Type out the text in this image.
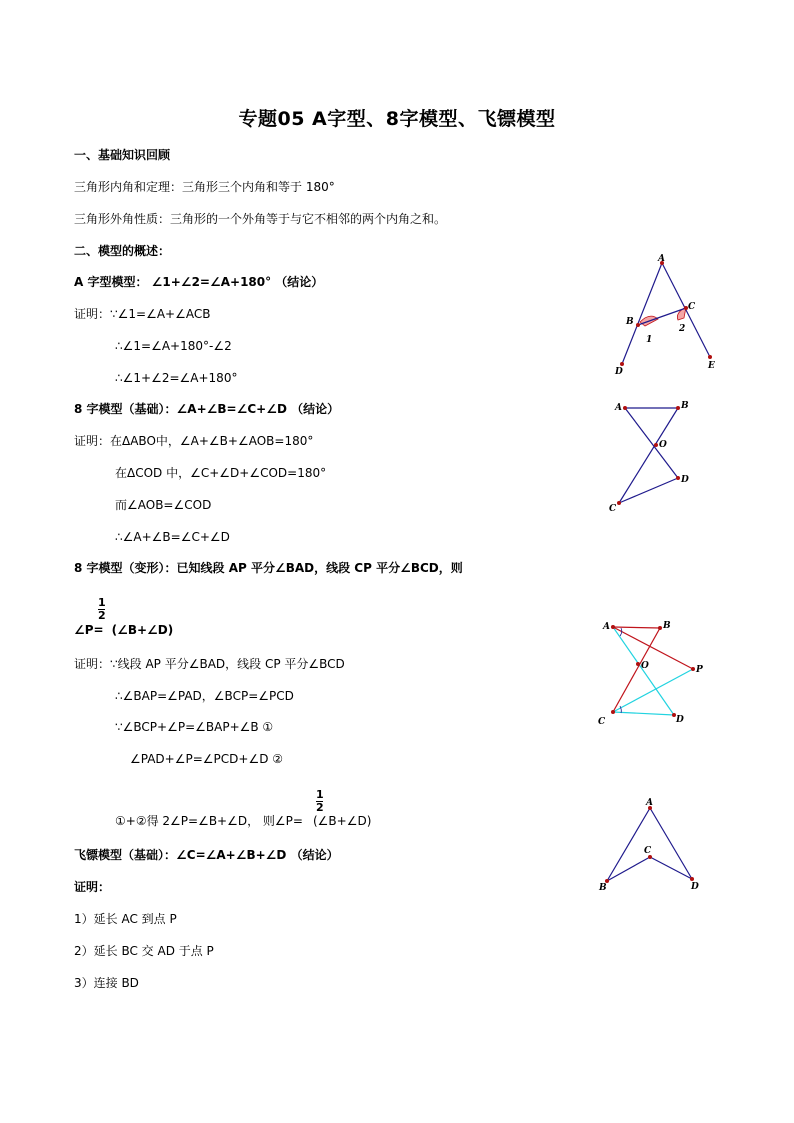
专题05 A字型、8字模型、飞镖模型
一、基础知识回顾
三角形内角和定理：三角形三个内角和等于 180°
三角形外角性质：三角形的一个外角等于与它不相邻的两个内角之和。
二、模型的概述：
A 字型模型： ∠1+∠2=∠A+180° （结论）
证明：∵∠1=∠A+∠ACB
∴∠1=∠A+180°-∠2
∴∠1+∠2=∠A+180°
8 字模型（基础）：∠A+∠B=∠C+∠D （结论）
证明：在ΔABO中，∠A+∠B+∠AOB=180°
在ΔCOD 中，∠C+∠D+∠COD=180°
而∠AOB=∠COD
∴∠A+∠B=∠C+∠D
8 字模型（变形）：已知线段 AP 平分∠BAD，线段 CP 平分∠BCD，则
1
2
∠P= (∠B+∠D)
证明：∵线段 AP 平分∠BAD，线段 CP 平分∠BCD
∴∠BAP=∠PAD，∠BCP=∠PCD
∵∠BCP+∠P=∠BAP+∠B ①
∠PAD+∠P=∠PCD+∠D ②
1
2
①+②得 2∠P=∠B+∠D， 则∠P= (∠B+∠D)
飞镖模型（基础）：∠C=∠A+∠B+∠D （结论）
证明：
1）延长 AC 到点 P
2）延长 BC 交 AD 于点 P
3）连接 BD
A
B
C
D
E
1
2
A	B
O
D
C
A	B
O	P
C	D
A
C
B	D
